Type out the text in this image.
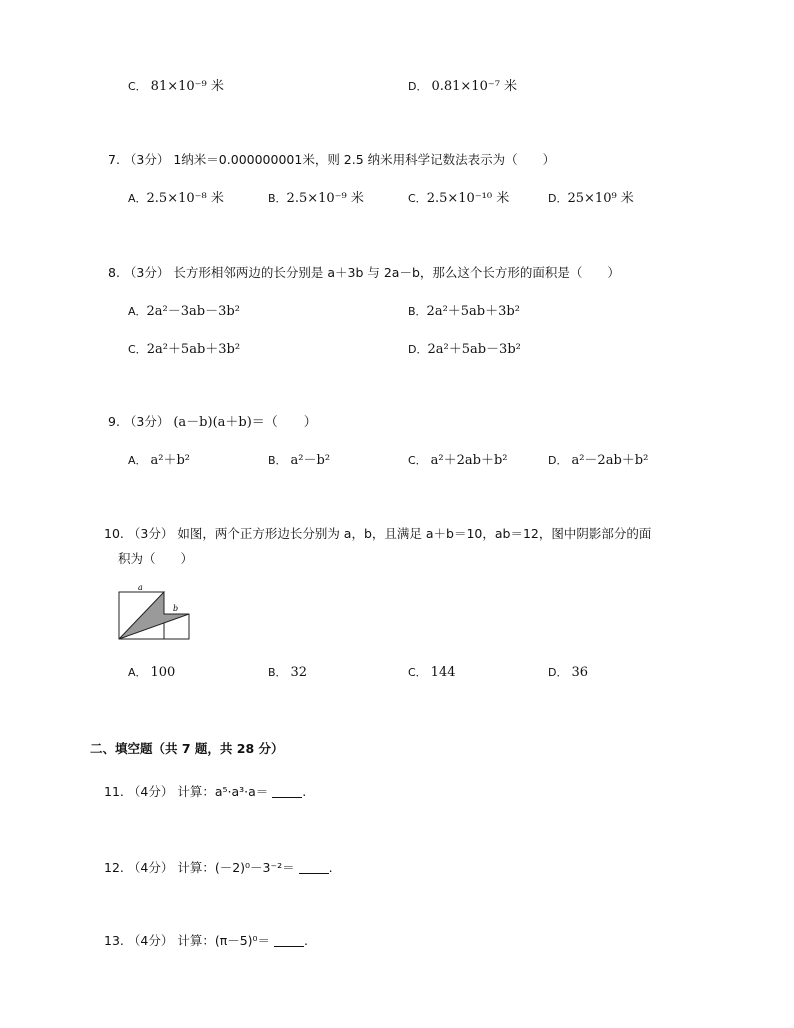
C． 81×10⁻⁹ 米	D． 0.81×10⁻⁷ 米
7. （3分） 1纳米＝0.000000001米，则 2.5 纳米用科学记数法表示为（　　）
A．2.5×10⁻⁸ 米	B．2.5×10⁻⁹ 米	C．2.5×10⁻¹⁰ 米	D．25×10⁹ 米
8. （3分） 长方形相邻两边的长分别是 a＋3b 与 2a－b，那么这个长方形的面积是（　　）
A．2a²－3ab－3b²	B．2a²＋5ab＋3b²
C．2a²＋5ab＋3b²	D．2a²＋5ab－3b²
9. （3分） (a－b)(a＋b)＝（　　）
A． a²＋b²	B． a²－b²	C． a²＋2ab＋b²	D． a²－2ab＋b²
10. （3分） 如图，两个正方形边长分别为 a，b，且满足 a＋b＝10，ab＝12，图中阴影部分的面
积为（　　）
a
b
A． 100	B． 32	C． 144	D． 36
二、填空题（共 7 题，共 28 分）
11. （4分） 计算：a⁵·a³·a＝	.
12. （4分） 计算：(－2)⁰－3⁻²＝	.
13. （4分） 计算：(π－5)⁰＝	.
